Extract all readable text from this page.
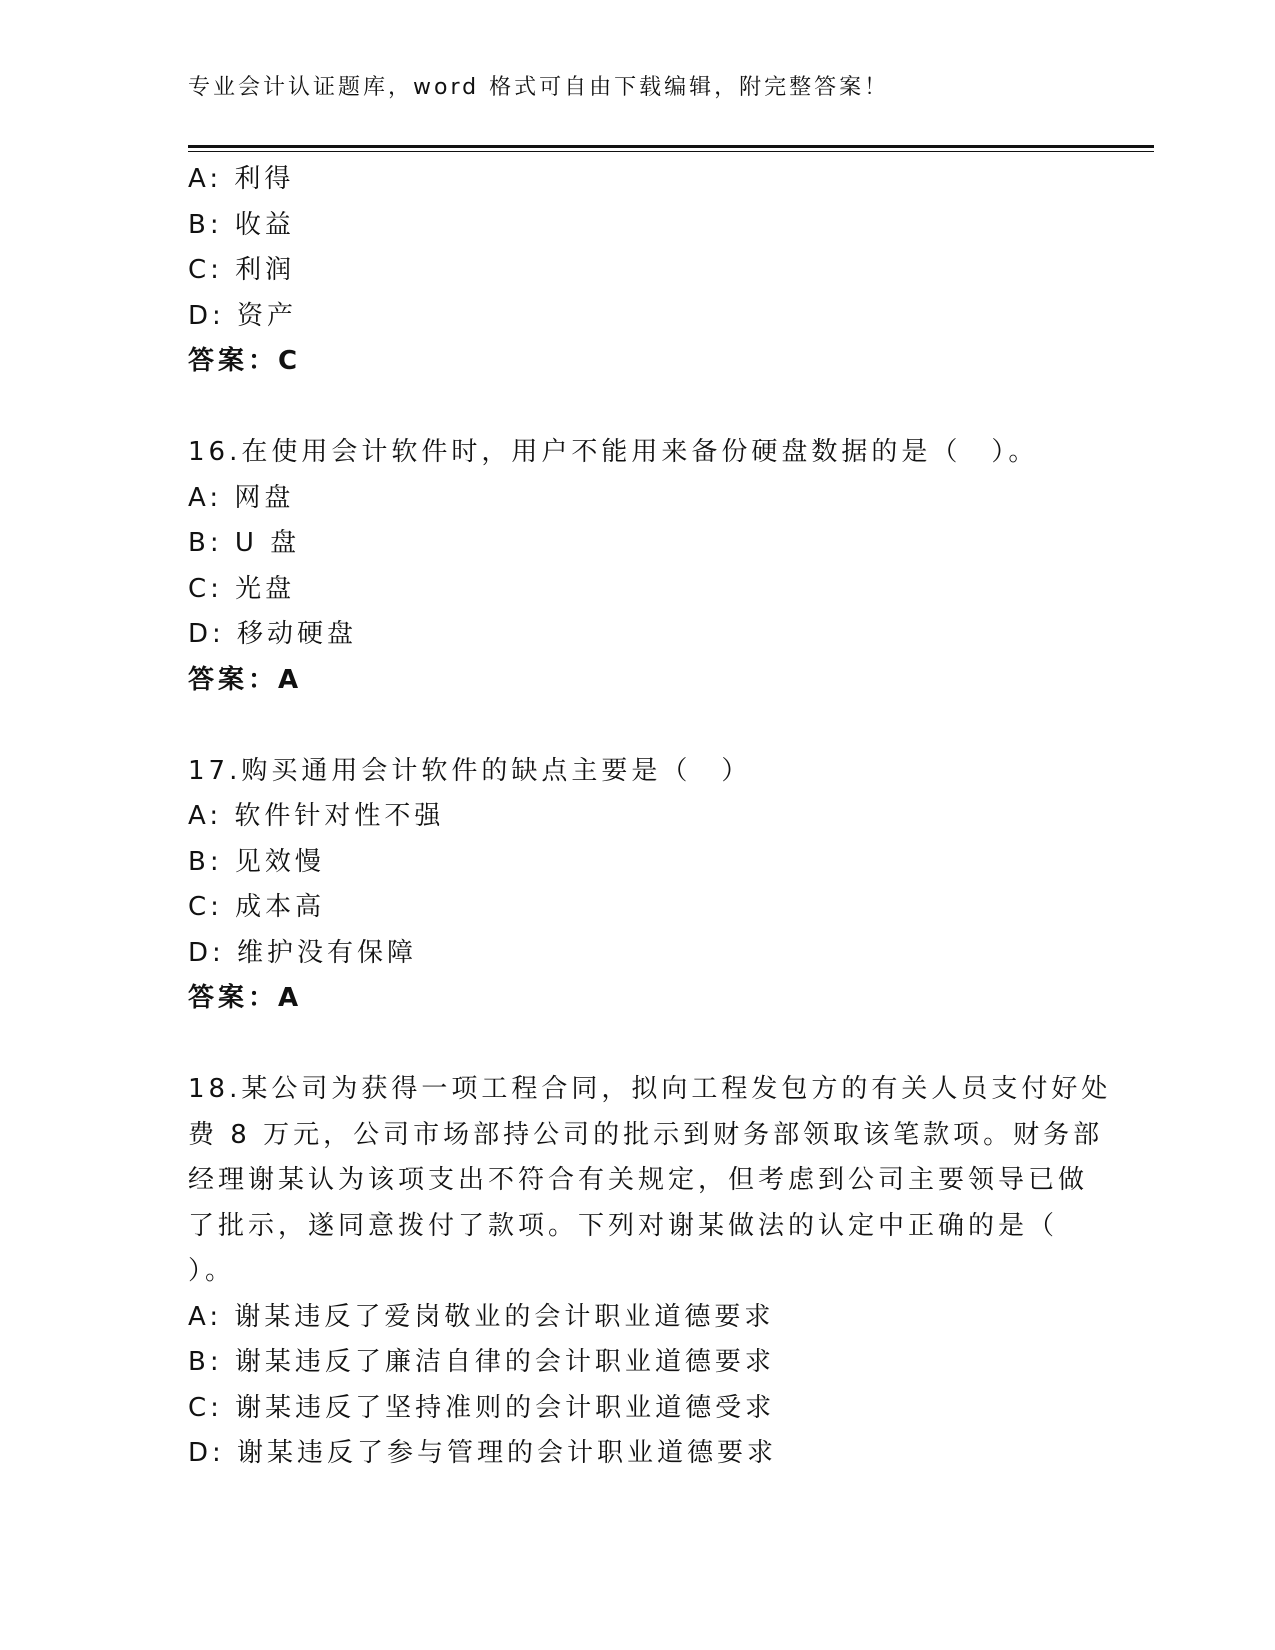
专业会计认证题库，word 格式可自由下载编辑，附完整答案！
A: 利得
B: 收益
C: 利润
D: 资产
答案：C
16.在使用会计软件时，用户不能用来备份硬盘数据的是（　）。
A: 网盘
B: U 盘
C: 光盘
D: 移动硬盘
答案：A
17.购买通用会计软件的缺点主要是（　）
A: 软件针对性不强
B: 见效慢
C: 成本高
D: 维护没有保障
答案：A
18.某公司为获得一项工程合同，拟向工程发包方的有关人员支付好处
费 8 万元，公司市场部持公司的批示到财务部领取该笔款项。财务部
经理谢某认为该项支出不符合有关规定，但考虑到公司主要领导已做
了批示，遂同意拨付了款项。下列对谢某做法的认定中正确的是（
）。
A: 谢某违反了爱岗敬业的会计职业道德要求
B: 谢某违反了廉洁自律的会计职业道德要求
C: 谢某违反了坚持准则的会计职业道德受求
D: 谢某违反了参与管理的会计职业道德要求
